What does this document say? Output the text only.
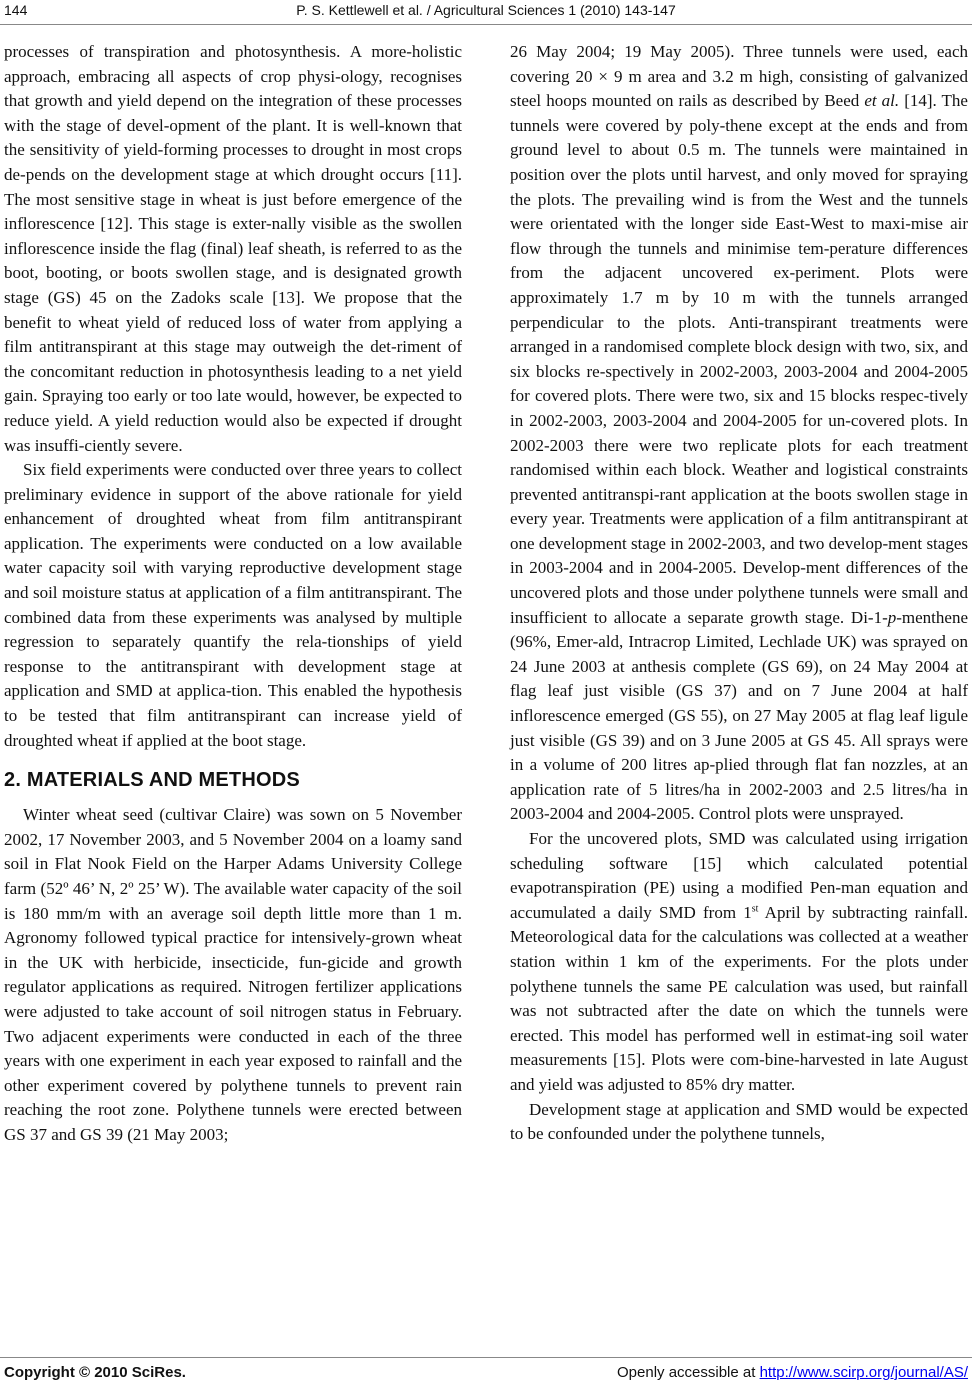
144	P. S. Kettlewell et al. / Agricultural Sciences 1 (2010) 143-147

processes of transpiration and photosynthesis. A more-holistic approach, embracing all aspects of crop physi-ology, recognises that growth and yield depend on the integration of these processes with the stage of devel-opment of the plant. It is well-known that the sensitivity of yield-forming processes to drought in most crops de-pends on the development stage at which drought occurs [11]. The most sensitive stage in wheat is just before emergence of the inflorescence [12]. This stage is exter-nally visible as the swollen inflorescence inside the flag (final) leaf sheath, is referred to as the boot, booting, or boots swollen stage, and is designated growth stage (GS) 45 on the Zadoks scale [13]. We propose that the benefit to wheat yield of reduced loss of water from applying a film antitranspirant at this stage may outweigh the det-riment of the concomitant reduction in photosynthesis leading to a net yield gain. Spraying too early or too late would, however, be expected to reduce yield. A yield reduction would also be expected if drought was insuffi-ciently severe.

Six field experiments were conducted over three years to collect preliminary evidence in support of the above rationale for yield enhancement of droughted wheat from film antitranspirant application. The experiments were conducted on a low available water capacity soil with varying reproductive development stage and soil moisture status at application of a film antitranspirant. The combined data from these experiments was analysed by multiple regression to separately quantify the rela-tionships of yield response to the antitranspirant with development stage at application and SMD at applica-tion. This enabled the hypothesis to be tested that film antitranspirant can increase yield of droughted wheat if applied at the boot stage.

2. MATERIALS AND METHODS

Winter wheat seed (cultivar Claire) was sown on 5 November 2002, 17 November 2003, and 5 November 2004 on a loamy sand soil in Flat Nook Field on the Harper Adams University College farm (52º 46’ N, 2º 25’ W). The available water capacity of the soil is 180 mm/m with an average soil depth little more than 1 m. Agronomy followed typical practice for intensively-grown wheat in the UK with herbicide, insecticide, fun-gicide and growth regulator applications as required. Nitrogen fertilizer applications were adjusted to take account of soil nitrogen status in February. Two adjacent experiments were conducted in each of the three years with one experiment in each year exposed to rainfall and the other experiment covered by polythene tunnels to prevent rain reaching the root zone. Polythene tunnels were erected between GS 37 and GS 39 (21 May 2003;

26 May 2004; 19 May 2005). Three tunnels were used, each covering 20 × 9 m area and 3.2 m high, consisting of galvanized steel hoops mounted on rails as described by Beed et al. [14]. The tunnels were covered by poly-thene except at the ends and from ground level to about 0.5 m. The tunnels were maintained in position over the plots until harvest, and only moved for spraying the plots. The prevailing wind is from the West and the tunnels were orientated with the longer side East-West to maxi-mise air flow through the tunnels and minimise tem-perature differences from the adjacent uncovered ex-periment. Plots were approximately 1.7 m by 10 m with the tunnels arranged perpendicular to the plots. Anti-transpirant treatments were arranged in a randomised complete block design with two, six, and six blocks re-spectively in 2002-2003, 2003-2004 and 2004-2005 for covered plots. There were two, six and 15 blocks respec-tively in 2002-2003, 2003-2004 and 2004-2005 for un-covered plots. In 2002-2003 there were two replicate plots for each treatment randomised within each block. Weather and logistical constraints prevented antitranspi-rant application at the boots swollen stage in every year. Treatments were application of a film antitranspirant at one development stage in 2002-2003, and two develop-ment stages in 2003-2004 and in 2004-2005. Develop-ment differences of the uncovered plots and those under polythene tunnels were small and insufficient to allocate a separate growth stage. Di-1-p-menthene (96%, Emer-ald, Intracrop Limited, Lechlade UK) was sprayed on 24 June 2003 at anthesis complete (GS 69), on 24 May 2004 at flag leaf just visible (GS 37) and on 7 June 2004 at half inflorescence emerged (GS 55), on 27 May 2005 at flag leaf ligule just visible (GS 39) and on 3 June 2005 at GS 45. All sprays were in a volume of 200 litres ap-plied through flat fan nozzles, at an application rate of 5 litres/ha in 2002-2003 and 2.5 litres/ha in 2003-2004 and 2004-2005. Control plots were unsprayed.

For the uncovered plots, SMD was calculated using irrigation scheduling software [15] which calculated potential evapotranspiration (PE) using a modified Pen-man equation and accumulated a daily SMD from 1st April by subtracting rainfall. Meteorological data for the calculations was collected at a weather station within 1 km of the experiments. For the plots under polythene tunnels the same PE calculation was used, but rainfall was not subtracted after the date on which the tunnels were erected. This model has performed well in estimat-ing soil water measurements [15]. Plots were com-bine-harvested in late August and yield was adjusted to 85% dry matter.

Development stage at application and SMD would be expected to be confounded under the polythene tunnels,

Copyright © 2010 SciRes.	Openly accessible at http://www.scirp.org/journal/AS/
